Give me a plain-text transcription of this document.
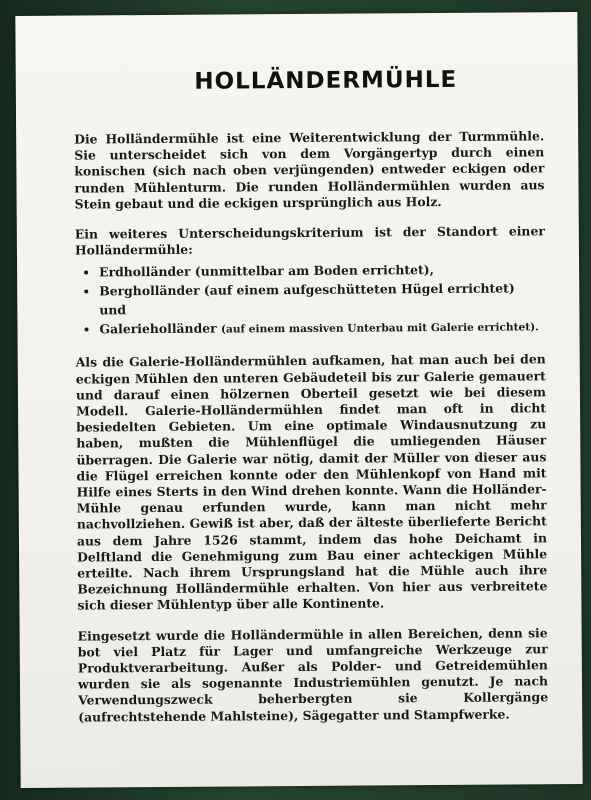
HOLLÄNDERMÜHLE

Die Holländermühle ist eine Weiterentwicklung der Turmmühle. Sie unterscheidet sich von dem Vorgängertyp durch einen konischen (sich nach oben verjüngenden) entweder eckigen oder runden Mühlenturm. Die runden Holländermühlen wurden aus Stein gebaut und die eckigen ursprünglich aus Holz.

Ein weiteres Unterscheidungskriterium ist der Standort einer Holländermühle:

• Erdholländer (unmittelbar am Boden errichtet),
• Bergholländer (auf einem aufgeschütteten Hügel errichtet) und
• Galerieholländer (auf einem massiven Unterbau mit Galerie errichtet).

Als die Galerie-Holländermühlen aufkamen, hat man auch bei den eckigen Mühlen den unteren Gebäudeteil bis zur Galerie gemauert und darauf einen hölzernen Oberteil gesetzt wie bei diesem Modell. Galerie-Holländermühlen findet man oft in dicht besiedelten Gebieten. Um eine optimale Windausnutzung zu haben, mußten die Mühlenflügel die umliegenden Häuser überragen. Die Galerie war nötig, damit der Müller von dieser aus die Flügel erreichen konnte oder den Mühlenkopf von Hand mit Hilfe eines Sterts in den Wind drehen konnte. Wann die Holländer-Mühle genau erfunden wurde, kann man nicht mehr nachvollziehen. Gewiß ist aber, daß der älteste überlieferte Bericht aus dem Jahre 1526 stammt, indem das hohe Deichamt in Delftland die Genehmigung zum Bau einer achteckigen Mühle erteilte. Nach ihrem Ursprungsland hat die Mühle auch ihre Bezeichnung Holländermühle erhalten. Von hier aus verbreitete sich dieser Mühlentyp über alle Kontinente.

Eingesetzt wurde die Holländermühle in allen Bereichen, denn sie bot viel Platz für Lager und umfangreiche Werkzeuge zur Produktverarbeitung. Außer als Polder- und Getreidemühlen wurden sie als sogenannte Industriemühlen genutzt. Je nach Verwendungszweck beherbergten sie Kollergänge (aufrechtstehende Mahlsteine), Sägegatter und Stampfwerke.
